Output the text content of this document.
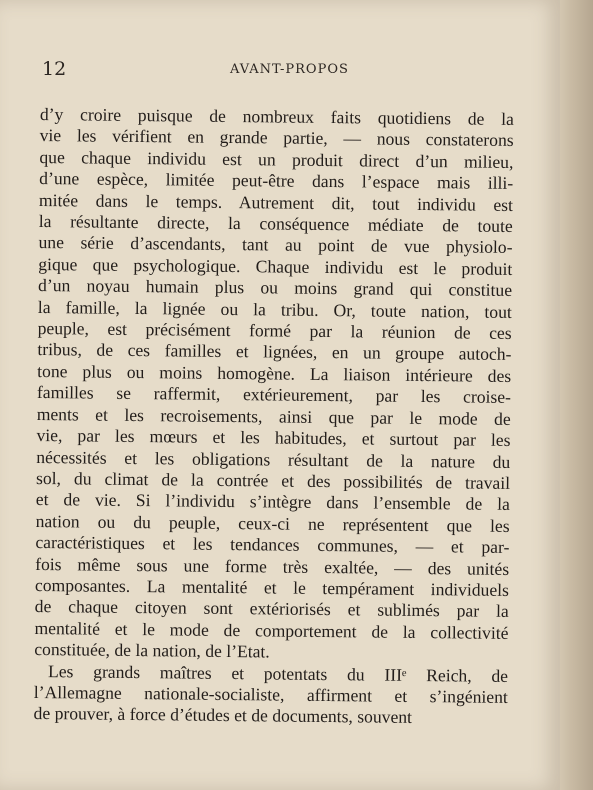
12	AVANT-PROPOS
d’y croire puisque de nombreux faits quotidiens de la
vie les vérifient en grande partie, — nous constaterons
que chaque individu est un produit direct d’un milieu,
d’une espèce, limitée peut-être dans l’espace mais illi-
mitée dans le temps. Autrement dit, tout individu est
la résultante directe, la conséquence médiate de toute
une série d’ascendants, tant au point de vue physiolo-
gique que psychologique. Chaque individu est le produit
d’un noyau humain plus ou moins grand qui constitue
la famille, la lignée ou la tribu. Or, toute nation, tout
peuple, est précisément formé par la réunion de ces
tribus, de ces familles et lignées, en un groupe autoch-
tone plus ou moins homogène. La liaison intérieure des
familles se raffermit, extérieurement, par les croise-
ments et les recroisements, ainsi que par le mode de
vie, par les mœurs et les habitudes, et surtout par les
nécessités et les obligations résultant de la nature du
sol, du climat de la contrée et des possibilités de travail
et de vie. Si l’individu s’intègre dans l’ensemble de la
nation ou du peuple, ceux-ci ne représentent que les
caractéristiques et les tendances communes, — et par-
fois même sous une forme très exaltée, — des unités
composantes. La mentalité et le tempérament individuels
de chaque citoyen sont extériorisés et sublimés par la
mentalité et le mode de comportement de la collectivité
constituée, de la nation, de l’Etat.
Les grands maîtres et potentats du IIIᵉ Reich, de
l’Allemagne nationale-socialiste, affirment et s’ingénient
de prouver, à force d’études et de documents, souvent
